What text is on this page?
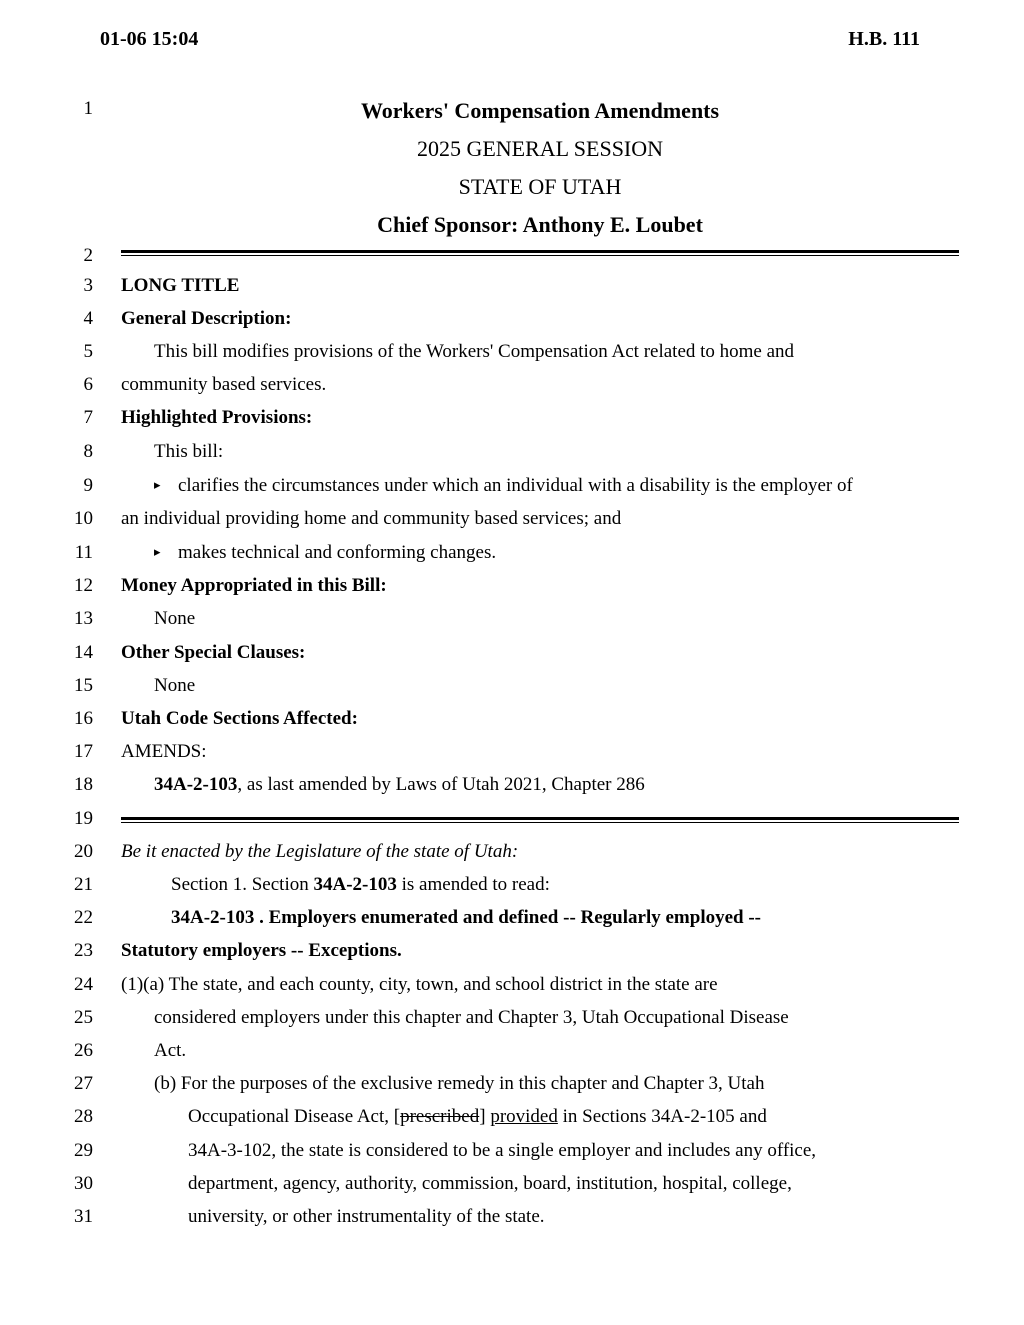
01-06 15:04	H.B. 111
1
2
3
4
5
6
7
8
9
10
11
12
13
14
15
16
17
18
19
20
21
22
23
24
25
26
27
28
29
30
31
Workers' Compensation Amendments
2025 GENERAL SESSION
STATE OF UTAH
Chief Sponsor: Anthony E. Loubet
LONG TITLE
General Description:
This bill modifies provisions of the Workers' Compensation Act related to home and
community based services.
Highlighted Provisions:
This bill:
▸ clarifies the circumstances under which an individual with a disability is the employer of
an individual providing home and community based services; and
▸ makes technical and conforming changes.
Money Appropriated in this Bill:
None
Other Special Clauses:
None
Utah Code Sections Affected:
AMENDS:
34A-2-103, as last amended by Laws of Utah 2021, Chapter 286
Be it enacted by the Legislature of the state of Utah:
Section 1. Section 34A-2-103 is amended to read:
34A-2-103 . Employers enumerated and defined -- Regularly employed --
Statutory employers -- Exceptions.
(1)(a) The state, and each county, city, town, and school district in the state are
considered employers under this chapter and Chapter 3, Utah Occupational Disease
Act.
(b) For the purposes of the exclusive remedy in this chapter and Chapter 3, Utah
Occupational Disease Act, [prescribed] provided in Sections 34A-2-105 and
34A-3-102, the state is considered to be a single employer and includes any office,
department, agency, authority, commission, board, institution, hospital, college,
university, or other instrumentality of the state.
